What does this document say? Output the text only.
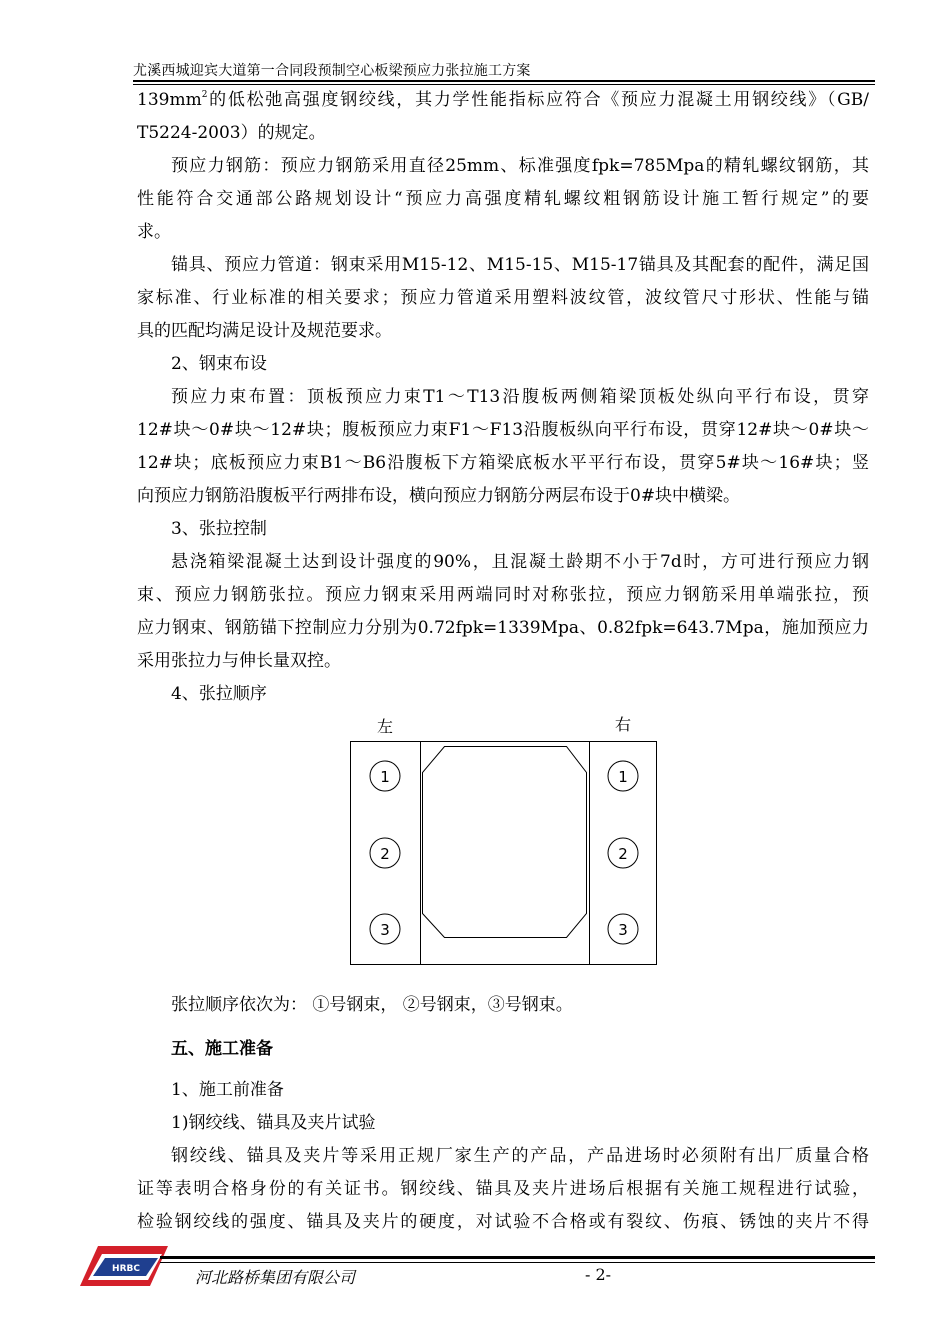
尤溪西城迎宾大道第一合同段预制空心板梁预应力张拉施工方案
$139mm^2$的低松弛高强度钢绞线，其力学性能指标应符合《预应力混凝土用钢绞线》（GB/
T5224-2003）的规定。
预应力钢筋：预应力钢筋采用直径25mm、标准强度fpk=785Mpa的精轧螺纹钢筋，其
性能符合交通部公路规划设计“预应力高强度精轧螺纹粗钢筋设计施工暂行规定”的要
求。
锚具、预应力管道：钢束采用M15-12、M15-15、M15-17锚具及其配套的配件，满足国
家标准、行业标准的相关要求；预应力管道采用塑料波纹管，波纹管尺寸形状、性能与锚
具的匹配均满足设计及规范要求。
2、钢束布设
预应力束布置：顶板预应力束T1～T13沿腹板两侧箱梁顶板处纵向平行布设，贯穿
12#块～0#块～12#块；腹板预应力束F1～F13沿腹板纵向平行布设，贯穿12#块～0#块～
12#块；底板预应力束B1～B6沿腹板下方箱梁底板水平平行布设，贯穿5#块～16#块；竖
向预应力钢筋沿腹板平行两排布设，横向预应力钢筋分两层布设于0#块中横梁。
3、张拉控制
悬浇箱梁混凝土达到设计强度的90%，且混凝土龄期不小于7d时，方可进行预应力钢
束、预应力钢筋张拉。预应力钢束采用两端同时对称张拉，预应力钢筋采用单端张拉，预
应力钢束、钢筋锚下控制应力分别为0.72fpk=1339Mpa、0.82fpk=643.7Mpa，施加预应力
采用张拉力与伸长量双控。
4、张拉顺序
张拉顺序依次为： ①号钢束， ②号钢束，③号钢束。
五、施工准备
1、施工前准备
1)钢绞线、锚具及夹片试验
钢绞线、锚具及夹片等采用正规厂家生产的产品，产品进场时必须附有出厂质量合格
证等表明合格身份的有关证书。钢绞线、锚具及夹片进场后根据有关施工规程进行试验，
检验钢绞线的强度、锚具及夹片的硬度，对试验不合格或有裂纹、伤痕、锈蚀的夹片不得
左	右
1
2
3
1
2
3
HRBC	河北路桥集团有限公司	- 2-
